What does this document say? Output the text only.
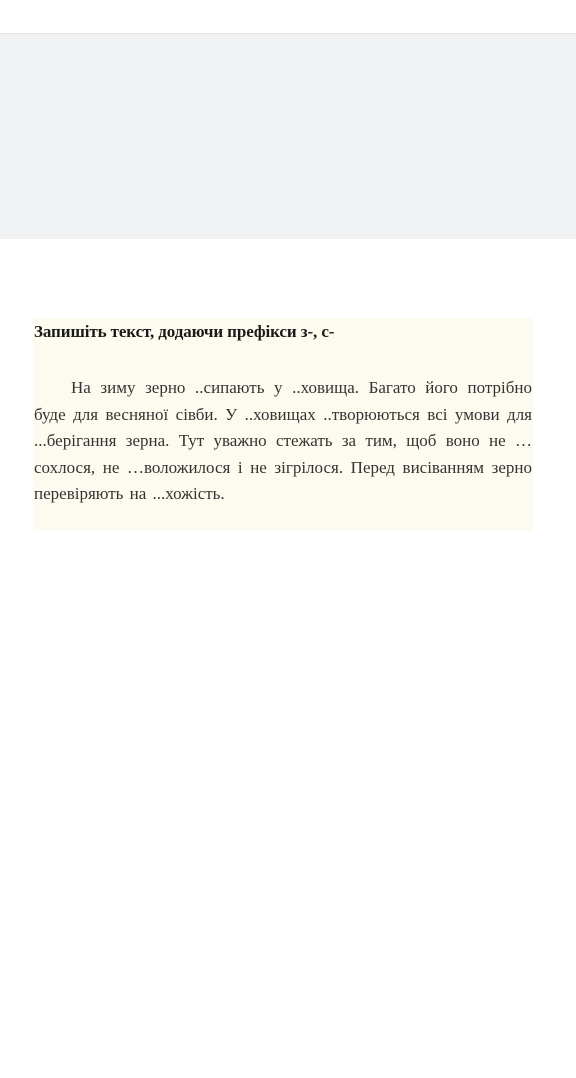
Запишіть текст, додаючи префікси з-, с-

На зиму зерно ..сипають у ..ховища. Багато його потрібно буде для весняної сівби. У ..ховищах ..творюються всі умови для ...берігання зерна. Тут уважно стежать за тим, щоб воно не …сохлося, не …воложилося і не зігрілося. Перед висіванням зерно перевіряють на ...хожість.
